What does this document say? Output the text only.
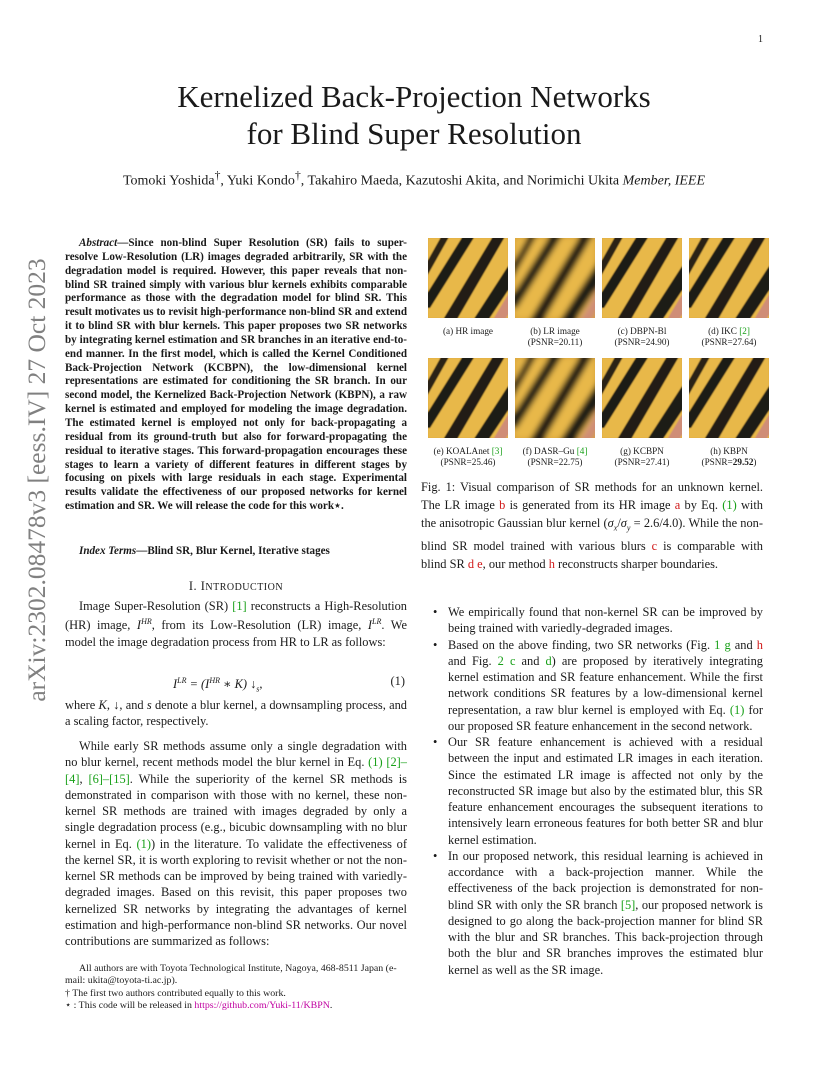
1
arXiv:2302.08478v3 [eess.IV] 27 Oct 2023
Kernelized Back-Projection Networks
for Blind Super Resolution
Tomoki Yoshida†, Yuki Kondo†, Takahiro Maeda, Kazutoshi Akita, and Norimichi Ukita Member, IEEE
Abstract—Since non-blind Super Resolution (SR) fails to super-resolve Low-Resolution (LR) images degraded arbitrarily, SR with the degradation model is required. However, this paper reveals that non-blind SR trained simply with various blur kernels exhibits comparable performance as those with the degradation model for blind SR. This result motivates us to revisit high-performance non-blind SR and extend it to blind SR with blur kernels. This paper proposes two SR networks by integrating kernel estimation and SR branches in an iterative end-to-end manner. In the first model, which is called the Kernel Conditioned Back-Projection Network (KCBPN), the low-dimensional kernel representations are estimated for conditioning the SR branch. In our second model, the Kernelized Back-Projection Network (KBPN), a raw kernel is estimated and employed for modeling the image degradation. The estimated kernel is employed not only for back-propagating a residual from its ground-truth but also for forward-propagating the residual to iterative stages. This forward-propagation encourages these stages to learn a variety of different features in different stages by focusing on pixels with large residuals in each stage. Experimental results validate the effectiveness of our proposed networks for kernel estimation and SR. We will release the code for this work⋆.
Index Terms—Blind SR, Blur Kernel, Iterative stages
I. INTRODUCTION
Image Super-Resolution (SR) [1] reconstructs a High-Resolution (HR) image, $I^{HR}$, from its Low-Resolution (LR) image, $I^{LR}$. We model the image degradation process from HR to LR as follows:
$I^{LR} = (I^{HR}$ ∗ K) $↓_s$,	(1)
where K, ↓, and s denote a blur kernel, a downsampling process, and a scaling factor, respectively.
While early SR methods assume only a single degradation with no blur kernel, recent methods model the blur kernel in Eq. (1) [2]–[4], [6]–[15]. While the superiority of the kernel SR methods is demonstrated in comparison with those with no kernel, these non-kernel SR methods are trained with images degraded by only a single degradation process (e.g., bicubic downsampling with no blur kernel in Eq. (1)) in the literature. To validate the effectiveness of the kernel SR, it is worth exploring to revisit whether or not the non-kernel SR methods can be improved by being trained with variedly-degraded images. Based on this revisit, this paper proposes two kernelized SR networks by integrating the advantages of kernel estimation and high-performance non-blind SR networks. Our novel contributions are summarized as follows:

All authors are with Toyota Technological Institute, Nagoya, 468-8511 Japan (e-mail: ukita@toyota-ti.ac.jp).

† The first two authors contributed equally to this work.

⋆ : This code will be released in https://github.com/Yuki-11/KBPN.

(a) HR image	(b) LR image
(PSNR=20.11)
(c) DBPN-Bl
(PSNR=24.90)
(d) IKC [2]
(PSNR=27.64)
(e) KOALAnet [3]
(PSNR=25.46)
(f) DASR–Gu [4]
(PSNR=22.75)
(g) KCBPN
(PSNR=27.41)
(h) KBPN
(PSNR=29.52)
Fig. 1: Visual comparison of SR methods for an unknown kernel. The LR image b is generated from its HR image a by Eq. (1) with the anisotropic Gaussian blur kernel $(\sigma_x/\sigma_y = 2.6/4.0)$. While the non-blind SR model trained with various blurs c is comparable with blind SR d e, our method h reconstructs sharper boundaries.
• We empirically found that non-kernel SR can be improved by being trained with variedly-degraded images.
• Based on the above finding, two SR networks (Fig. 1 g and h and Fig. 2 c and d) are proposed by iteratively integrating kernel estimation and SR feature enhancement. While the first network conditions SR features by a low-dimensional kernel representation, a raw blur kernel is employed with Eq. (1) for our proposed SR feature enhancement in the second network.
• Our SR feature enhancement is achieved with a residual between the input and estimated LR images in each iteration. Since the estimated LR image is affected not only by the reconstructed SR image but also by the estimated blur, this SR feature enhancement encourages the subsequent iterations to intensively learn erroneous features for both better SR and blur kernel estimation.
• In our proposed network, this residual learning is achieved in accordance with a back-projection manner. While the effectiveness of the back projection is demonstrated for non-blind SR with only the SR branch [5], our proposed network is designed to go along the back-projection manner for blind SR with the blur and SR branches. This back-projection through both the blur and SR branches improves the estimated blur kernel as well as the SR image.
